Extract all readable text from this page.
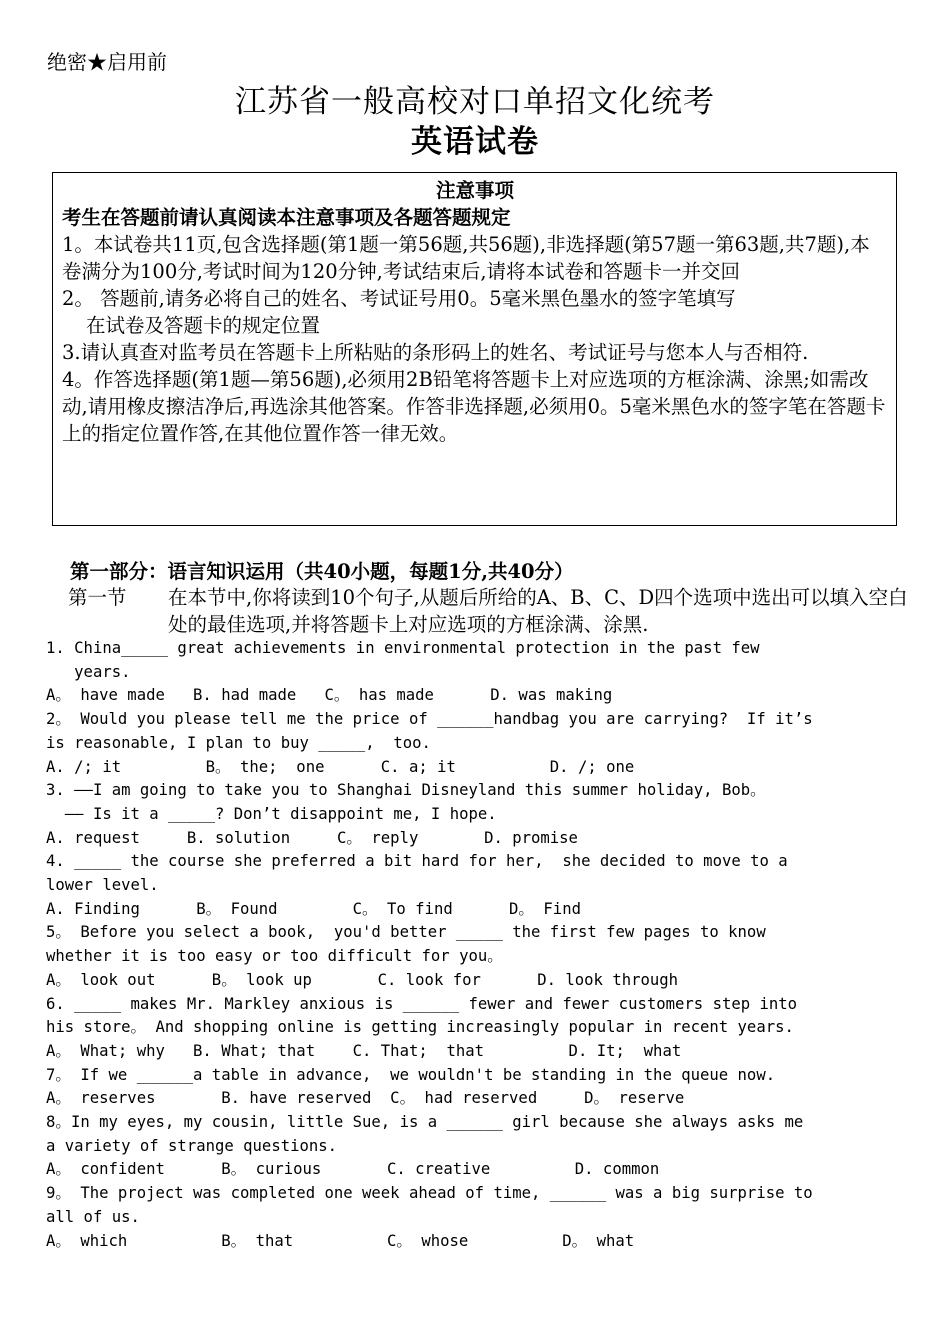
绝密★启用前
江苏省一般高校对口单招文化统考
英语试卷
注意事项
考生在答题前请认真阅读本注意事项及各题答题规定

1。本试卷共11页,包含选择题(第1题一第56题,共56题),非选择题(第57题一第63题,共7题),本卷满分为100分,考试时间为120分钟,考试结束后,请将本试卷和答题卡一并交回

2。 答题前,请务必将自己的姓名、考试证号用0。5毫米黑色墨水的签字笔填写

在试卷及答题卡的规定位置

3.请认真查对监考员在答题卡上所粘贴的条形码上的姓名、考试证号与您本人与否相符.

4。作答选择题(第1题—第56题),必须用2B铅笔将答题卡上对应选项的方框涂满、涂黑;如需改动,请用橡皮擦洁净后,再选涂其他答案。作答非选择题,必须用0。5毫米黑色水的签字笔在答题卡上的指定位置作答,在其他位置作答一律无效。

第一部分：语言知识运用（共40小题，每题1分,共40分）
第一节 在本节中,你将读到10个句子,从题后所给的A、B、C、D四个选项中选出可以填入空白处的最佳选项,并将答题卡上对应选项的方框涂满、涂黑.
1. China_____ great achievements in environmental protection in the past few
years.
A。 have made   B. had made   C。 has made      D. was making
2。 Would you please tell me the price of ______handbag you are carrying?  If it’s
is reasonable, I plan to buy _____,  too.
A. /; it         B。 the;  one      C. a; it          D. /; one
3. ——I am going to take you to Shanghai Disneyland this summer holiday, Bob。
—— Is it a _____? Don’t disappoint me, I hope.
A. request     B. solution     C。 reply       D. promise
4. _____ the course she preferred a bit hard for her,  she decided to move to a
lower level.
A. Finding      B。 Found        C。 To find      D。 Find
5。 Before you select a book,  you'd better _____ the first few pages to know
whether it is too easy or too difficult for you。
A。 look out      B。 look up       C. look for      D. look through
6. _____ makes Mr. Markley anxious is ______ fewer and fewer customers step into
his store。 And shopping online is getting increasingly popular in recent years.
A。 What; why   B. What; that    C. That;  that         D. It;  what
7。 If we ______a table in advance,  we wouldn't be standing in the queue now.
A。 reserves       B. have reserved  C。 had reserved     D。 reserve
8。In my eyes, my cousin, little Sue, is a ______ girl because she always asks me
a variety of strange questions.
A。 confident      B。 curious       C. creative         D. common
9。 The project was completed one week ahead of time, ______ was a big surprise to
all of us.
A。 which          B。 that          C。 whose          D。 what
